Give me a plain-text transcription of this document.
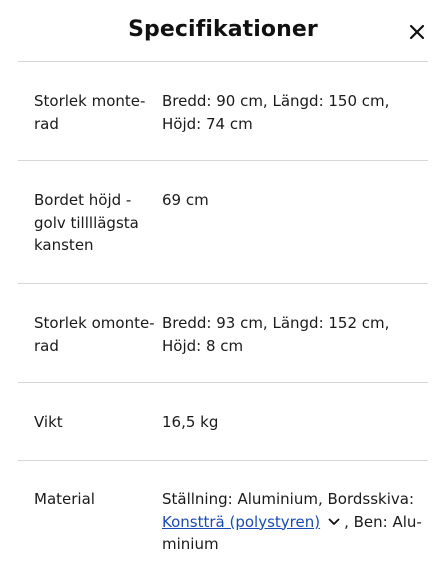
Specifikationer
Storlek monte-
rad
Bredd: 90 cm, Längd: 150 cm,
Höjd: 74 cm
Bordet höjd -
golv tillllägsta
kansten
69 cm
Storlek omonte-
rad
Bredd: 93 cm, Längd: 152 cm,
Höjd: 8 cm
Vikt	16,5 kg
Material	Ställning: Aluminium, Bordsskiva:
Konstträ (polystyren) , Ben: Alu-
minium
